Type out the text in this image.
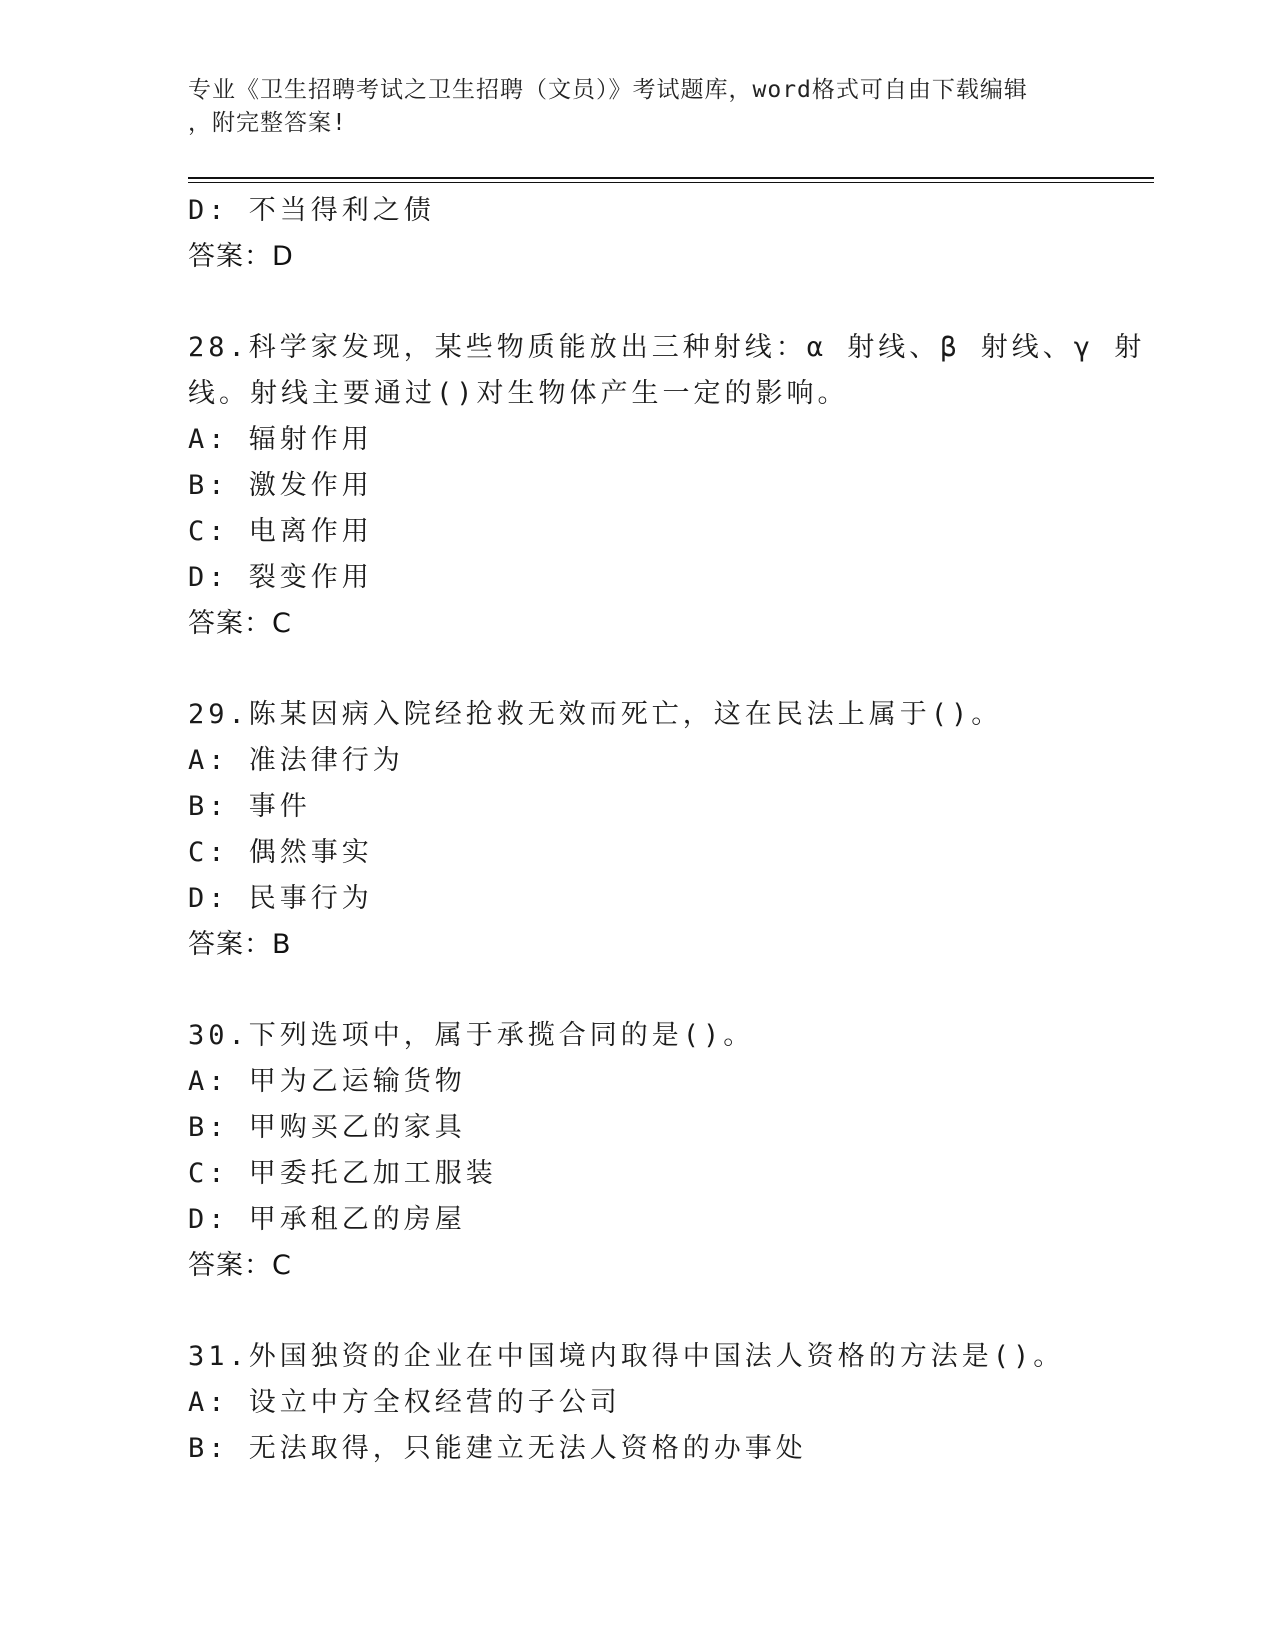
专业《卫生招聘考试之卫生招聘（文员）》考试题库，word格式可自由下载编辑
，附完整答案!
D: 不当得利之债
答案：D
28.科学家发现，某些物质能放出三种射线：α 射线、β 射线、γ 射
线。射线主要通过()对生物体产生一定的影响。
A: 辐射作用
B: 激发作用
C: 电离作用
D: 裂变作用
答案：C
29.陈某因病入院经抢救无效而死亡，这在民法上属于()。
A: 准法律行为
B: 事件
C: 偶然事实
D: 民事行为
答案：B
30.下列选项中，属于承揽合同的是()。
A: 甲为乙运输货物
B: 甲购买乙的家具
C: 甲委托乙加工服装
D: 甲承租乙的房屋
答案：C
31.外国独资的企业在中国境内取得中国法人资格的方法是()。
A: 设立中方全权经营的子公司
B: 无法取得，只能建立无法人资格的办事处
